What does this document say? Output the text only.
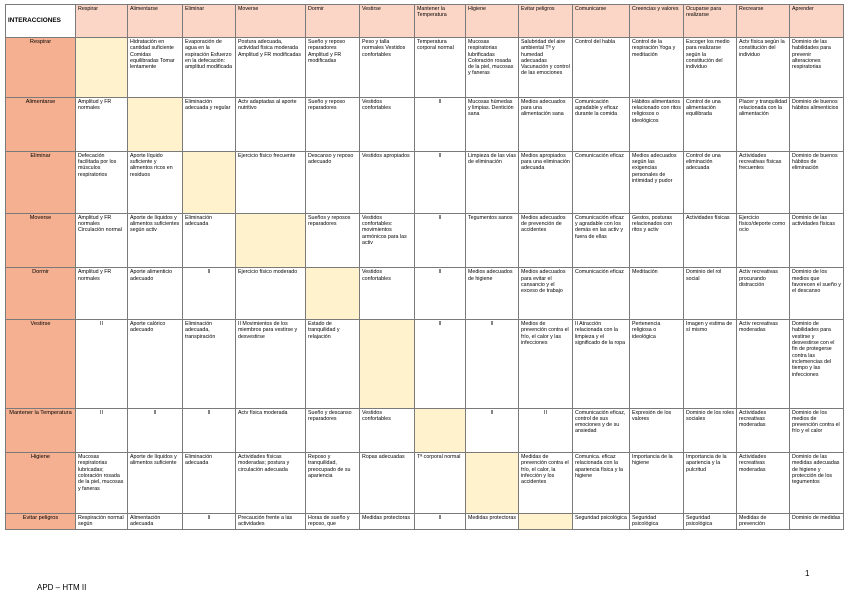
INTERACCIONES	Respirar	Alimentarse	Eliminar	Moverse	Dormir	Vestirse	Mantener la Temperatura	Higiene	Evitar peligros	Comunicarse	Creencias y valores	Ocuparse para realizarse	Recrearse	Aprender
Respirar		Hidratación en cantidad suficiente Comidas equilibradas Tomar lentamente	Evaporación de agua en la espiración Esfuerzo en la defecación: amplitud modificada	Postura adecuada, actividad física moderada Amplitud y FR modificadas	Sueño y reposo reparadores Amplitud y FR modificadas	Peso y talla normales Vestidos confortables	Temperatura corporal normal	Mucosas respiratorias lubrificadas Coloración rosada de la piel, mucosas y faneras	Salubridad del aire ambiental Tª y humedad adecuadas Vacunación y control de las emociones	Control del habla	Control de la respiración Yoga y meditación	Escoger los medio para realizarse según la constitución del individuo	Actv física según la constitución del individuo	Dominio de las habilidades para prevenir alteraciones respiratorias
Alimentarse	Amplitud y FR normales		Eliminación adecuada y regular	Actv adaptadas al aporte nutritivo	Sueño y reposo reparadores	Vestidos confortables	II	Mucosas húmedas y limpias. Dentición sana	Medios adecuados para una alimentación sana	Comunicación agradable y eficaz durante la comida	Hábitos alimentarios relacionado con ritos religiosos o ideológicos	Control de una alimentación equilibrada	Placer y tranquilidad relacionada con la alimentación	Dominio de buenos hábitos alimenticios
Eliminar	Defecación facilitada por los músculos respiratorios	Aporte líquido suficiente y alimentos ricos en residuos		Ejercicio físico frecuente	Descanso y reposo adecuado	Vestidos apropiados	II	Limpieza de las vías de eliminación	Medios apropiados para una eliminación adecuada	Comunicación eficaz	Medios adecuados según las exigencias personales de intimidad y pudor	Control de una eliminación adecuada	Actividades recreativas físicas frecuentes	Dominio de buenos hábitos de eliminación
Moverse	Amplitud y FR normales Circulación normal	Aporte de líquidos y alimentos suficientes según activ	Eliminación adecuada		Sueños y reposos reparadores	Vestidos confortables: movimientos armónicos para las activ	II	Tegumentos sanos	Medios adecuados de prevención de accidentes	Comunicación eficaz y agradable con los demás en las activ y fuera de ellas	Gestos, posturas relacionados con ritos y activ	Actividades físicas	Ejercicio físico/deporte como ocio	Dominio de las actividades físicas
Dormir	Amplitud y FR normales	Aporte alimenticio adecuado	II	Ejercicio físico moderado		Vestidos confortables	II	Medios adecuados de higiene	Medios adecuados para evitar el cansancio y el exceso de trabajo	Comunicación eficaz	Meditación	Dominio del rol social	Activ recreativas procurando distracción	Dominio de los medios que favorecen el sueño y el descanso
Vestirse	II	Aporte calórico adecuado	Eliminación adecuada, transpiración	II Movimientos de los miembros para vestirse y desvestirse	Estado de tranquilidad y relajación		II	II	Medios de prevención contra el frío, el calor y las infecciones	II Atracción relacionada con la limpieza y el significado de la ropa	Pertenencia religiosa o ideológica	Imagen y estima de sí mismo	Activ recreativas moderadas	Dominio de habilidades para vestirse y desvestirse con el fin de protegerse contra las inclemencias del tiempo y las infecciones
Mantener la Temperatura	II	II	II	Actv física moderada	Sueño y descanso reparadores	Vestidos confortables		II	II	Comunicación eficaz, control de sus emociones y de su ansiedad	Expresión de los valores	Dominio de los roles sociales	Actividades recreativas moderadas	Dominio de los medios de prevención contra el frío y el calor
Higiene	Mucosas respiratorias lubricadas; coloración rosada de la piel, mucosas y faneras	Aporte de líquidos y alimentos suficiente	Eliminación adecuada	Actividades físicas moderadas; postura y circulación adecuada	Reposo y tranquilidad, preocupado de su apariencia	Ropas adecuadas	Tª corporal normal		Medidas de prevención contra el frío, el calor, la infección y los accidentes	Comunica. eficaz relacionada con la apariencia física y la higiene	Importancia de la higiene	Importancia de la apariencia y la pulcritud	Actividades recreativas moderadas	Dominio de las medidas adecuadas de higiene y protección de los tegumentos
Evitar peligros	Respiración normal según	Alimentación adecuada	II	Precaución frente a las actividades	Horas de sueño y reposo, que	Medidas protectoras	II	Medidas protectoras		Seguridad psicológica	Seguridad psicológica	Seguridad psicológica	Medidas de prevención	Dominio de medidas
1
APD – HTM II
